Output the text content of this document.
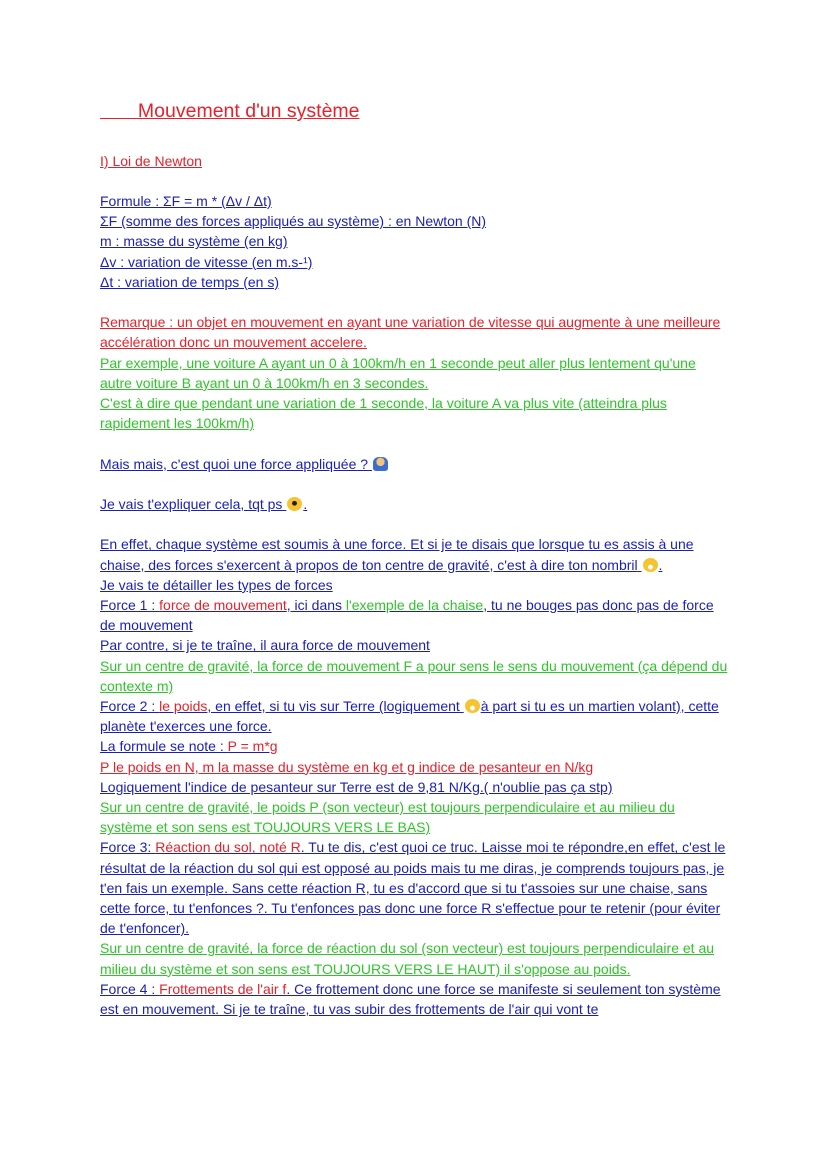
Mouvement d'un système
I) Loi de Newton

Formule : ΣF = m * (Δv / Δt)

ΣF (somme des forces appliqués au système) : en Newton (N)

m : masse du système (en kg)

Δv : variation de vitesse (en m.s-¹)

Δt : variation de temps (en s)

Remarque : un objet en mouvement en ayant une variation de vitesse qui augmente à une meilleure accélération donc un mouvement accelere.

Par exemple, une voiture A ayant un 0 à 100km/h en 1 seconde peut aller plus lentement qu'une autre voiture B ayant un 0 à 100km/h en 3 secondes.

C'est à dire que pendant une variation de 1 seconde, la voiture A va plus vite (atteindra plus rapidement les 100km/h)

Mais mais, c'est quoi une force appliquée ?

Je vais t'expliquer cela, tqt ps .

En effet, chaque système est soumis à une force. Et si je te disais que lorsque tu es assis à une chaise, des forces s'exercent à propos de ton centre de gravité, c'est à dire ton nombril .

Je vais te détailler les types de forces

Force 1 : force de mouvement, ici dans l'exemple de la chaise, tu ne bouges pas donc pas de force de mouvement

Par contre, si je te traîne, il aura force de mouvement

Sur un centre de gravité, la force de mouvement F a pour sens le sens du mouvement (ça dépend du contexte m)

Force 2 : le poids, en effet, si tu vis sur Terre (logiquement à part si tu es un martien volant), cette planète t'exerces une force.

La formule se note : P = m*g

P le poids en N, m la masse du système en kg et g indice de pesanteur en N/kg

Logiquement l'indice de pesanteur sur Terre est de 9,81 N/Kg.( n'oublie pas ça stp)

Sur un centre de gravité, le poids P (son vecteur) est toujours perpendiculaire et au milieu du système et son sens est TOUJOURS VERS LE BAS)

Force 3: Réaction du sol, noté R. Tu te dis, c'est quoi ce truc. Laisse moi te répondre,en effet, c'est le résultat de la réaction du sol qui est opposé au poids mais tu me diras, je comprends toujours pas, je t'en fais un exemple. Sans cette réaction R, tu es d'accord que si tu t'assoies sur une chaise, sans cette force, tu t'enfonces ?. Tu t'enfonces pas donc une force R s'effectue pour te retenir (pour éviter de t'enfoncer).

Sur un centre de gravité, la force de réaction du sol (son vecteur) est toujours perpendiculaire et au milieu du système et son sens est TOUJOURS VERS LE HAUT) il s'oppose au poids.

Force 4 : Frottements de l'air f. Ce frottement donc une force se manifeste si seulement ton système est en mouvement. Si je te traîne, tu vas subir des frottements de l'air qui vont te
